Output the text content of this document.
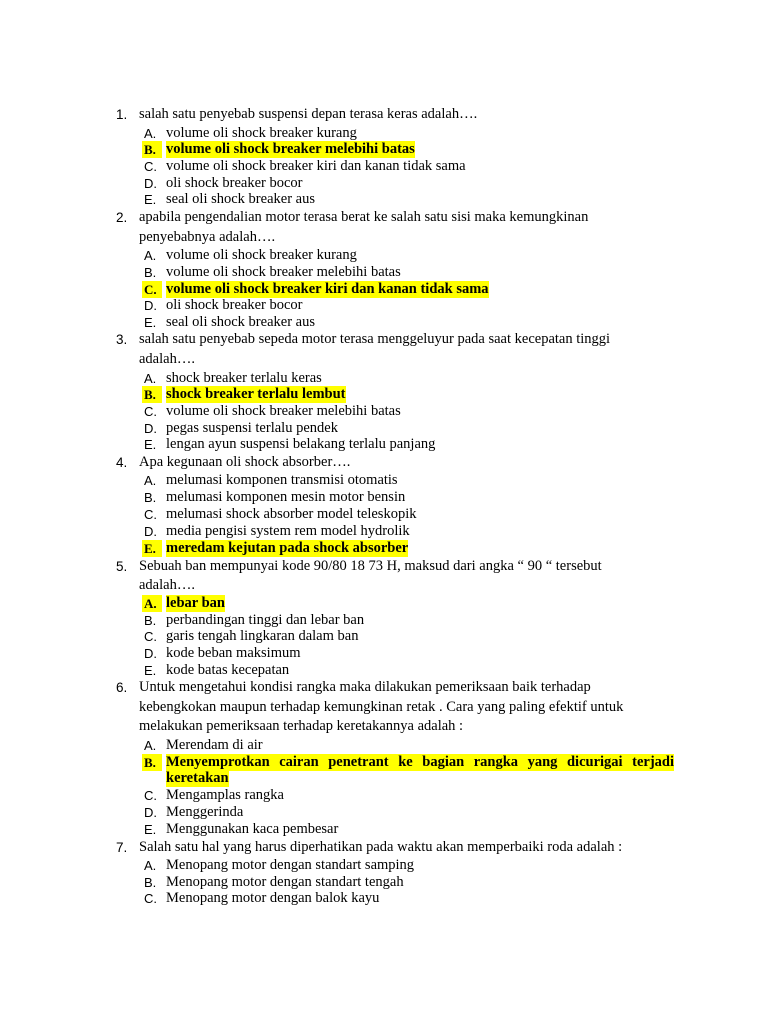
1. salah satu penyebab suspensi depan terasa keras adalah….
A. volume oli shock breaker kurang
B. volume oli shock breaker melebihi batas
C. volume oli shock breaker kiri dan kanan tidak sama
D. oli shock breaker bocor
E. seal oli shock breaker aus
2. apabila pengendalian motor terasa berat ke salah satu sisi maka kemungkinan
penyebabnya adalah….
A. volume oli shock breaker kurang
B. volume oli shock breaker melebihi batas
C. volume oli shock breaker kiri dan kanan tidak sama
D. oli shock breaker bocor
E. seal oli shock breaker aus
3. salah satu penyebab sepeda motor terasa menggeluyur pada saat kecepatan tinggi
adalah….
A. shock breaker terlalu keras
B. shock breaker terlalu lembut
C. volume oli shock breaker melebihi batas
D. pegas suspensi terlalu pendek
E. lengan ayun suspensi belakang terlalu panjang
4. Apa kegunaan oli shock absorber….
A. melumasi komponen transmisi otomatis
B. melumasi komponen mesin motor bensin
C. melumasi shock absorber model teleskopik
D. media pengisi system rem model hydrolik
E. meredam kejutan pada shock absorber
5. Sebuah ban mempunyai kode 90/80 18 73 H, maksud dari angka “ 90 “ tersebut
adalah….
A. lebar ban
B. perbandingan tinggi dan lebar ban
C. garis tengah lingkaran dalam ban
D. kode beban maksimum
E. kode batas kecepatan
6. Untuk mengetahui kondisi rangka maka dilakukan pemeriksaan baik terhadap
kebengkokan maupun terhadap kemungkinan retak . Cara yang paling efektif untuk
melakukan pemeriksaan terhadap keretakannya adalah :
A. Merendam di air
B. Menyemprotkan cairan penetrant ke bagian rangka yang dicurigai terjadi
keretakan
C. Mengamplas rangka
D. Menggerinda
E. Menggunakan kaca pembesar
7. Salah satu hal yang harus diperhatikan pada waktu akan memperbaiki roda adalah :
A. Menopang motor dengan standart samping
B. Menopang motor dengan standart tengah
C. Menopang motor dengan balok kayu
